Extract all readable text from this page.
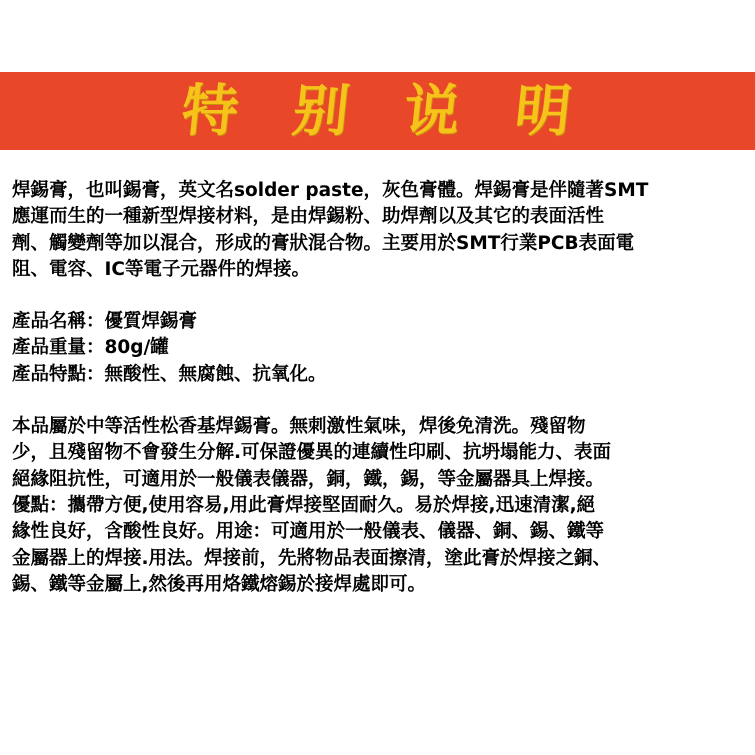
特 别 说 明

焊錫膏，也叫錫膏，英文名solder paste，灰色膏體。焊錫膏是伴隨著SMT
應運而生的一種新型焊接材料，是由焊錫粉、助焊劑以及其它的表面活性
劑、觸變劑等加以混合，形成的膏狀混合物。主要用於SMT行業PCB表面電
阻、電容、IC等電子元器件的焊接。

產品名稱：優質焊錫膏
產品重量：80g/罐
產品特點：無酸性、無腐蝕、抗氧化。

本品屬於中等活性松香基焊錫膏。無刺激性氣味，焊後免清洗。殘留物
少，且殘留物不會發生分解.可保證優異的連續性印刷、抗坍塌能力、表面
絕緣阻抗性，可適用於一般儀表儀器，銅，鐵，錫，等金屬器具上焊接。
優點：攜帶方便,使用容易,用此膏焊接堅固耐久。易於焊接,迅速清潔,絕
緣性良好，含酸性良好。用途：可適用於一般儀表、儀器、銅、錫、鐵等
金屬器上的焊接.用法。焊接前，先將物品表面擦清，塗此膏於焊接之銅、
錫、鐵等金屬上,然後再用烙鐵熔錫於接焊處即可。
